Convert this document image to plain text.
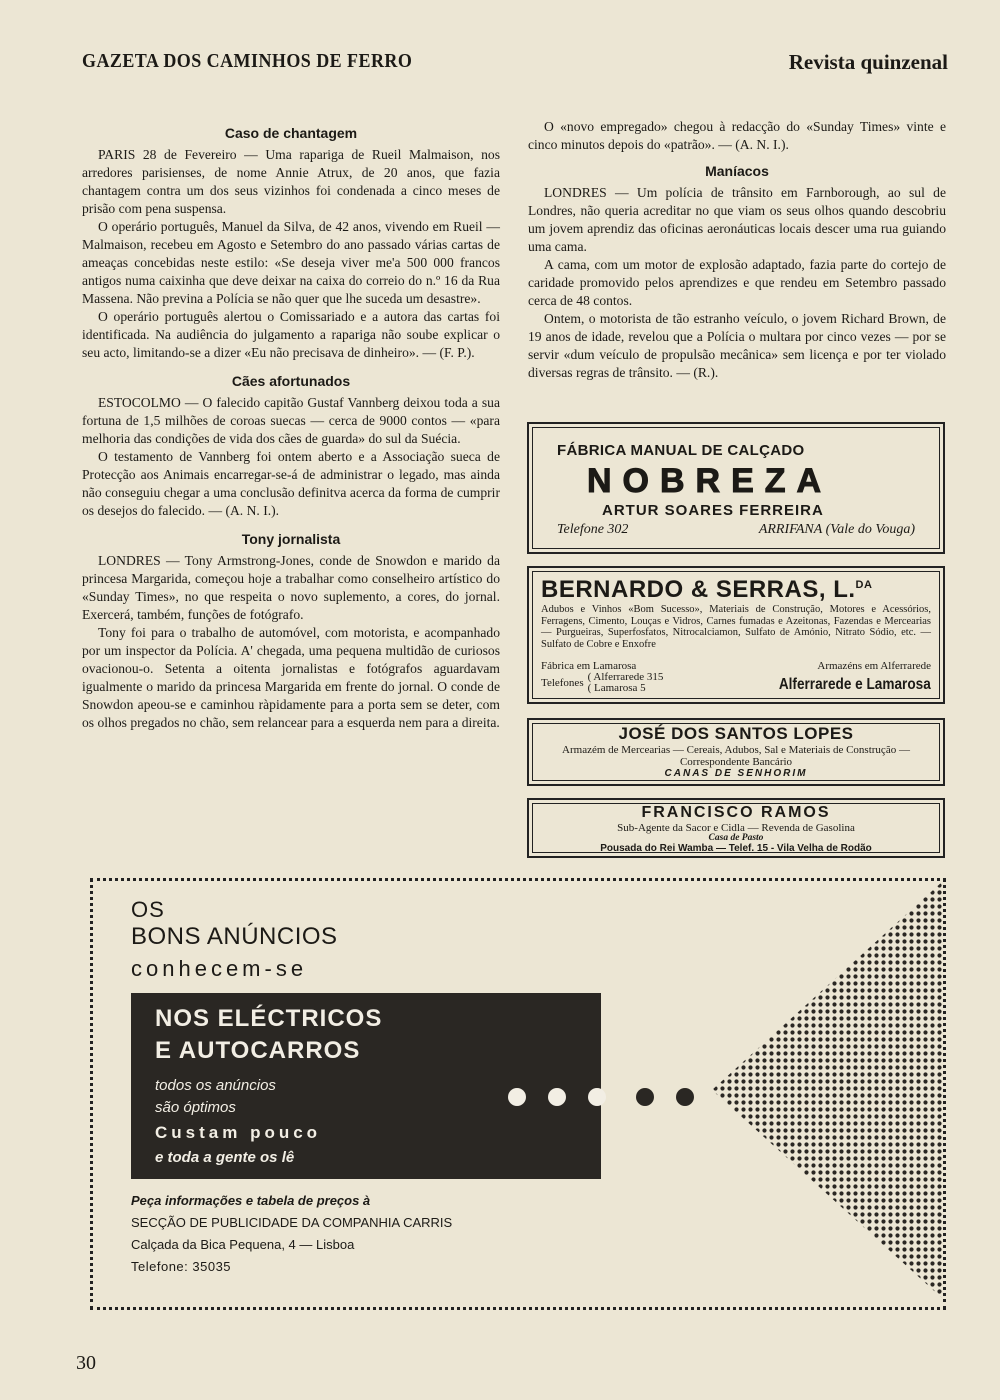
GAZETA DOS CAMINHOS DE FERRO	Revista quinzenal
Caso de chantagem

PARIS 28 de Fevereiro — Uma rapariga de Rueil Malmaison, nos arredores parisienses, de nome Annie Atrux, de 20 anos, que fazia chantagem contra um dos seus vizinhos foi condenada a cinco meses de prisão com pena suspensa.

O operário português, Manuel da Silva, de 42 anos, vivendo em Rueil — Malmaison, recebeu em Agosto e Setembro do ano passado várias cartas de ameaças concebidas neste estilo: «Se deseja viver me'a 500 000 francos antigos numa caixinha que deve deixar na caixa do correio do n.º 16 da Rua Massena. Não previna a Polícia se não quer que lhe suceda um desastre».

O operário português alertou o Comissariado e a autora das cartas foi identificada. Na audiência do julgamento a rapariga não soube explicar o seu acto, limitando-se a dizer «Eu não precisava de dinheiro». — (F. P.).

Cães afortunados

ESTOCOLMO — O falecido capitão Gustaf Vannberg deixou toda a sua fortuna de 1,5 milhões de coroas suecas — cerca de 9000 contos — «para melhoria das condições de vida dos cães de guarda» do sul da Suécia.

O testamento de Vannberg foi ontem aberto e a Associação sueca de Protecção aos Animais encarregar-se-á de administrar o legado, mas ainda não conseguiu chegar a uma conclusão definitva acerca da forma de cumprir os desejos do falecido. — (A. N. I.).

Tony jornalista

LONDRES — Tony Armstrong-Jones, conde de Snowdon e marido da princesa Margarida, começou hoje a trabalhar como conselheiro artístico do «Sunday Times», no que respeita o novo suplemento, a cores, do jornal. Exercerá, também, funções de fotógrafo.

Tony foi para o trabalho de automóvel, com motorista, e acompanhado por um inspector da Polícia. A' chegada, uma pequena multidão de curiosos ovacionou-o. Setenta a oitenta jornalistas e fotógrafos aguardavam igualmente o marido da princesa Margarida em frente do jornal. O conde de Snowdon apeou-se e caminhou ràpidamente para a porta sem se deter, com os olhos pregados no chão, sem relancear para a esquerda nem para a direita.

O «novo empregado» chegou à redacção do «Sunday Times» vinte e cinco minutos depois do «patrão». — (A. N. I.).

Maníacos

LONDRES — Um polícia de trânsito em Farnborough, ao sul de Londres, não queria acreditar no que viam os seus olhos quando descobriu um jovem aprendiz das oficinas aeronáuticas locais descer uma rua guiando uma cama.

A cama, com um motor de explosão adaptado, fazia parte do cortejo de caridade promovido pelos aprendizes e que rendeu em Setembro passado cerca de 48 contos.

Ontem, o motorista de tão estranho veículo, o jovem Richard Brown, de 19 anos de idade, revelou que a Polícia o multara por cinco vezes — por se servir «dum veículo de propulsão mecânica» sem licença e por ter violado diversas regras de trânsito. — (R.).

FÁBRICA MANUAL DE CALÇADO
NOBREZA
ARTUR SOARES FERREIRA
Telefone 302	ARRIFANA (Vale do Vouga)
BERNARDO & SERRAS, L.$^{DA}$
Adubos e Vinhos «Bom Sucesso», Materiais de Construção, Motores e Acessórios, Ferragens, Cimento, Louças e Vidros, Carnes fumadas e Azeitonas, Fazendas e Mercearias — Purgueiras, Superfosfatos, Nitrocalciamon, Sulfato de Amónio, Nitrato Sódio, etc. — Sulfato de Cobre e Enxofre
Fábrica em Lamarosa	Armazéns em Alferrarede
Telefones ( Alferrarede 315
( Lamarosa 5	Alferrarede e Lamarosa
JOSÉ DOS SANTOS LOPES
Armazém de Mercearias — Cereais, Adubos, Sal e Materiais de Construção — Correspondente Bancário
CANAS DE SENHORIM
FRANCISCO RAMOS
Sub-Agente da Sacor e Cidla — Revenda de Gasolina
Casa de Pasto
Pousada do Rei Wamba — Telef. 15 - Vila Velha de Rodão
OS
BONS ANÚNCIOS
conhecem-se
NOS ELÉCTRICOS
E AUTOCARROS
todos os anúncios
são óptimos
Custam pouco
e toda a gente os lê
Peça informações e tabela de preços à
SECÇÃO DE PUBLICIDADE DA COMPANHIA CARRIS
Calçada da Bica Pequena, 4 — Lisboa
Telefone: 35035
30
